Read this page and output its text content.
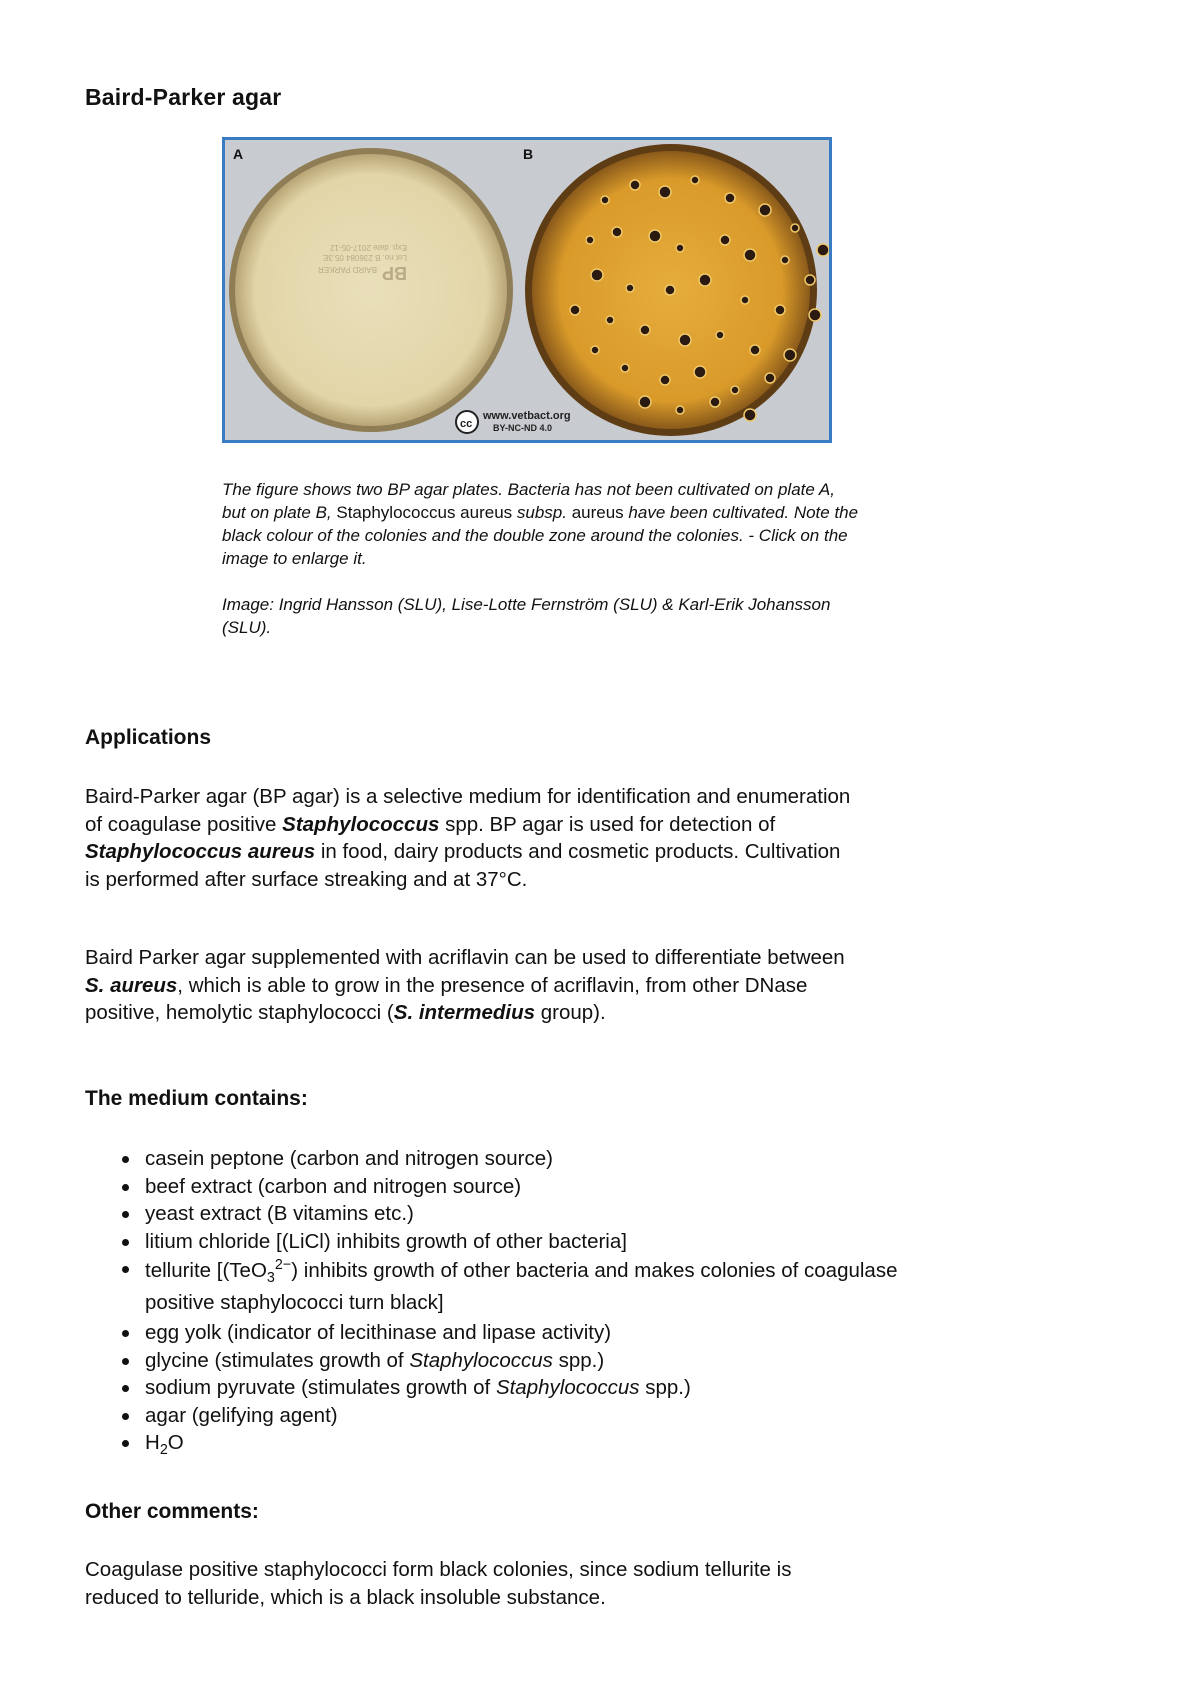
Baird-Parker agar
BP
BAIRD PARKER
Lot no. B 236084 05.3E
Exp. date 2017-05-12
cc
www.vetbact.org
BY-NC-ND 4.0
A	B

The figure shows two BP agar plates. Bacteria has not been cultivated on plate A, but on plate B, Staphylococcus aureus subsp. aureus have been cultivated. Note the black colour of the colonies and the double zone around the colonies. - Click on the image to enlarge it.

Image: Ingrid Hansson (SLU), Lise-Lotte Fernström (SLU) & Karl-Erik Johansson (SLU).

Applications

Baird-Parker agar (BP agar) is a selective medium for identification and enumeration of coagulase positive Staphylococcus spp. BP agar is used for detection of Staphylococcus aureus in food, dairy products and cosmetic products. Cultivation is performed after surface streaking and at 37°C.

Baird Parker agar supplemented with acriflavin can be used to differentiate between S. aureus, which is able to grow in the presence of acriflavin, from other DNase positive, hemolytic staphylococci (S. intermedius group).

The medium contains:
casein peptone (carbon and nitrogen source)
beef extract (carbon and nitrogen source)
yeast extract (B vitamins etc.)
litium chloride [(LiCl) inhibits growth of other bacteria]
tellurite [(TeO$_3^{2-}$) inhibits growth of other bacteria and makes colonies of coagulase positive staphylococci turn black]
egg yolk (indicator of lecithinase and lipase activity)
glycine (stimulates growth of Staphylococcus spp.)
sodium pyruvate (stimulates growth of Staphylococcus spp.)
agar (gelifying agent)
$H_2O$
Other comments:

Coagulase positive staphylococci form black colonies, since sodium tellurite is reduced to telluride, which is a black insoluble substance.
